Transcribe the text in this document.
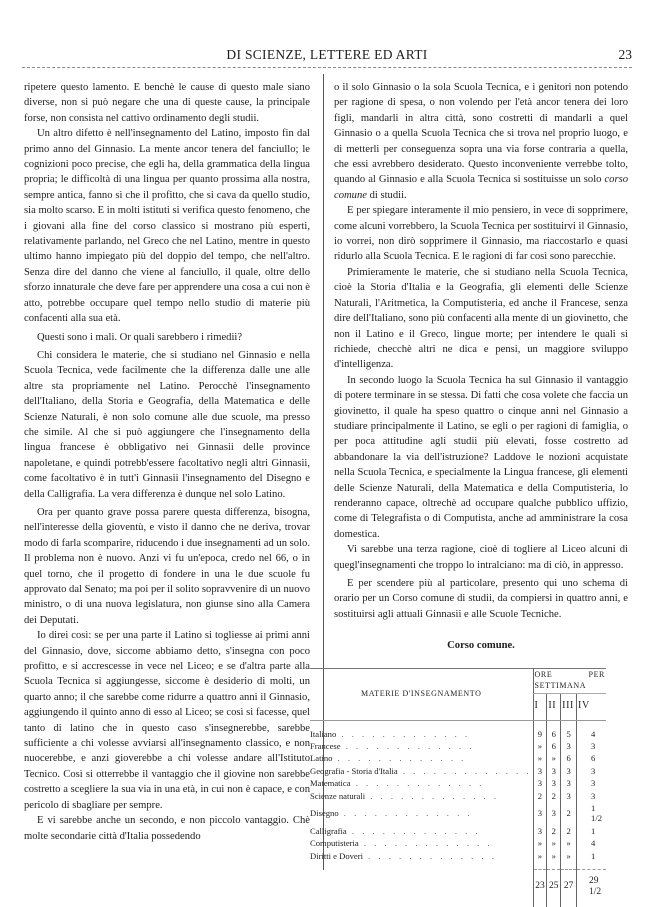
DI SCIENZE, LETTERE ED ARTI	23

ripetere questo lamento. E benchè le cause di questo male siano diverse, non si può negare che una di queste cause, la principale forse, non consista nel cattivo ordinamento degli studii.

Un altro difetto è nell'insegnamento del Latino, imposto fin dal primo anno del Ginnasio. La mente ancor tenera del fanciullo; le cognizioni poco precise, che egli ha, della grammatica della lingua propria; le difficoltà di una lingua per quanto prossima alla nostra, sempre antica, fanno sì che il profitto, che si cava da quello studio, sia molto scarso. E in molti istituti si verifica questo fenomeno, che i giovani alla fine del corso classico si mostrano più esperti, relativamente parlando, nel Greco che nel Latino, mentre in questo ultimo hanno impiegato più del doppio del tempo, che nell'altro. Senza dire del danno che viene al fanciullo, il quale, oltre dello sforzo innaturale che deve fare per apprendere una cosa a cui non è atto, potrebbe occupare quel tempo nello studio di materie più confacenti alla sua età.

Questi sono i mali. Or quali sarebbero i rimedii?

Chi considera le materie, che si studiano nel Ginnasio e nella Scuola Tecnica, vede facilmente che la differenza dalle une alle altre sta propriamente nel Latino. Perocchè l'insegnamento dell'Italiano, della Storia e Geografia, della Matematica e delle Scienze Naturali, è non solo comune alle due scuole, ma presso che simile. Al che si può aggiungere che l'insegnamento della lingua francese è obbligativo nei Ginnasii delle province napoletane, e quindi potrebb'essere facoltativo negli altri Ginnasii, come facoltativo è in tutt'i Ginnasii l'insegnamento del Disegno e della Calligrafia. La vera differenza è dunque nel solo Latino.

Ora per quanto grave possa parere questa differenza, bisogna, nell'interesse della gioventù, e visto il danno che ne deriva, trovar modo di farla scomparire, riducendo i due insegnamenti ad un solo. Il problema non è nuovo. Anzi vi fu un'epoca, credo nel 66, o in quel torno, che il progetto di fondere in una le due scuole fu approvato dal Senato; ma poi per il solito sopravvenire di un nuovo ministro, o di una nuova legislatura, non giunse sino alla Camera dei Deputati.

Io direi così: se per una parte il Latino si togliesse ai primi anni del Ginnasio, dove, siccome abbiamo detto, s'insegna con poco profitto, e si accrescesse in vece nel Liceo; e se d'altra parte alla Scuola Tecnica si aggiungesse, siccome è desiderio di molti, un quarto anno; il che sarebbe come ridurre a quattro anni il Ginnasio, aggiungendo il quinto anno di esso al Liceo; se così si facesse, quel tanto di latino che in questo caso s'insegnerebbe, sarebbe sufficiente a chi volesse avviarsi all'insegnamento classico, e non nuocerebbe, e anzi gioverebbe a chi volesse andare all'Istituto Tecnico. Così si otterrebbe il vantaggio che il giovine non sarebbe costretto a scegliere la sua via in una età, in cui non è capace, e con pericolo di sbagliare per sempre.

E vi sarebbe anche un secondo, e non piccolo vantaggio. Chè molte secondarie città d'Italia possedendo

o il solo Ginnasio o la sola Scuola Tecnica, e i genitori non potendo per ragione di spesa, o non volendo per l'età ancor tenera dei loro figli, mandarli in altra città, sono costretti di mandarli a quel Ginnasio o a quella Scuola Tecnica che si trova nel proprio luogo, e di metterli per conseguenza sopra una via forse contraria a quella, che essi avrebbero desiderato. Questo inconveniente verrebbe tolto, quando al Ginnasio e alla Scuola Tecnica si sostituisse un solo corso comune di studii.

E per spiegare interamente il mio pensiero, in vece di sopprimere, come alcuni vorrebbero, la Scuola Tecnica per sostituirvi il Ginnasio, io vorrei, non dirò sopprimere il Ginnasio, ma riaccostarlo e quasi ridurlo alla Scuola Tecnica. E le ragioni di far così sono parecchie.

Primieramente le materie, che si studiano nella Scuola Tecnica, cioè la Storia d'Italia e la Geografia, gli elementi delle Scienze Naturali, l'Aritmetica, la Computisteria, ed anche il Francese, senza dire dell'Italiano, sono più confacenti alla mente di un giovinetto, che non il Latino e il Greco, lingue morte; per intendere le quali si richiede, checchè altri ne dica e pensi, un maggiore sviluppo d'intelligenza.

In secondo luogo la Scuola Tecnica ha sul Ginnasio il vantaggio di potere terminare in se stessa. Di fatti che cosa volete che faccia un giovinetto, il quale ha speso quattro o cinque anni nel Ginnasio a studiare principalmente il Latino, se egli o per ragioni di famiglia, o per poca attitudine agli studii più elevati, fosse costretto ad abbandonare la via dell'istruzione? Laddove le nozioni acquistate nella Scuola Tecnica, e specialmente la Lingua francese, gli elementi delle Scienze Naturali, della Matematica e della Computisteria, lo renderanno capace, oltrechè ad occupare qualche pubblico uffizio, come di Telegrafista o di Computista, anche ad amministrare la cosa domestica.

Vi sarebbe una terza ragione, cioè di togliere al Liceo alcuni di quegl'insegnamenti che troppo lo intralciano: ma di ciò, in appresso.

E per scendere più al particolare, presento qui uno schema di orario per un Corso comune di studii, da compiersi in quattro anni, e sostituirsi agli attuali Ginnasii e alle Scuole Tecniche.

Corso comune.
MATERIE D'INSEGNAMENTO	ORE PER SETTIMANA			
	I	II	III	IV
Italiano . . . . . . . . . . . . .	9	6	5	4
Francese . . . . . . . . . . . . .	»	6	3	3
Latino . . . . . . . . . . . . .	»	»	6	6
Geografia - Storia d'Italia . . . . . . . . . . . . .	3	3	3	3
Matematica . . . . . . . . . . . . .	3	3	3	3
Scienze naturali . . . . . . . . . . . . .	2	2	3	3
Disegno . . . . . . . . . . . . .	3	3	2	1 1/2
Calligrafia . . . . . . . . . . . . .	3	2	2	1
Computisteria . . . . . . . . . . . . .	»	»	»	4
Diritti e Doveri . . . . . . . . . . . . .	»	»	»	1
	23	25	27	29 1/2
